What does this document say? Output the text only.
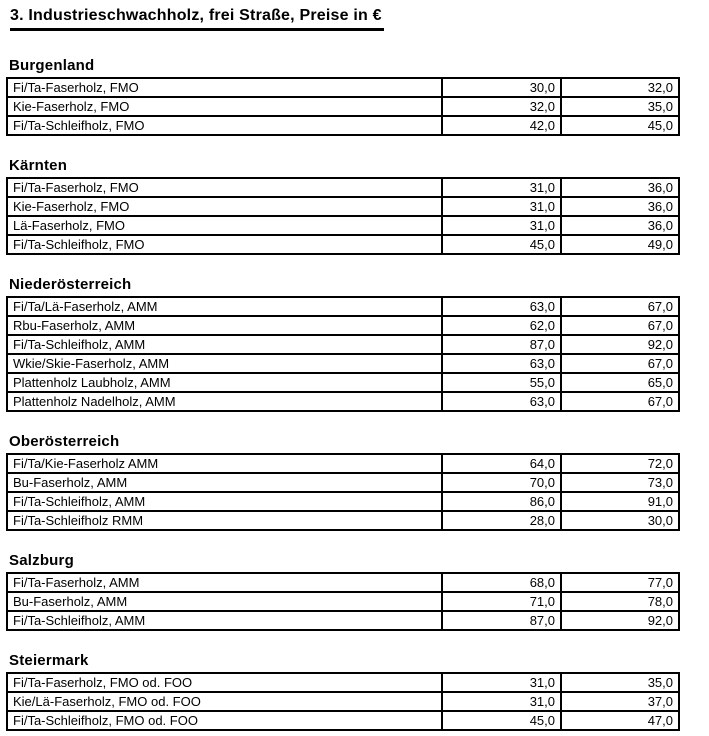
3. Industrieschwachholz, frei Straße, Preise in €
Burgenland
Fi/Ta-Faserholz, FMO	30,0	32,0
Kie-Faserholz, FMO	32,0	35,0
Fi/Ta-Schleifholz, FMO	42,0	45,0
Kärnten
Fi/Ta-Faserholz, FMO	31,0	36,0
Kie-Faserholz, FMO	31,0	36,0
Lä-Faserholz, FMO	31,0	36,0
Fi/Ta-Schleifholz, FMO	45,0	49,0
Niederösterreich
Fi/Ta/Lä-Faserholz, AMM	63,0	67,0
Rbu-Faserholz, AMM	62,0	67,0
Fi/Ta-Schleifholz, AMM	87,0	92,0
Wkie/Skie-Faserholz, AMM	63,0	67,0
Plattenholz Laubholz, AMM	55,0	65,0
Plattenholz Nadelholz, AMM	63,0	67,0
Oberösterreich
Fi/Ta/Kie-Faserholz AMM	64,0	72,0
Bu-Faserholz, AMM	70,0	73,0
Fi/Ta-Schleifholz, AMM	86,0	91,0
Fi/Ta-Schleifholz RMM	28,0	30,0
Salzburg
Fi/Ta-Faserholz, AMM	68,0	77,0
Bu-Faserholz, AMM	71,0	78,0
Fi/Ta-Schleifholz, AMM	87,0	92,0
Steiermark
Fi/Ta-Faserholz, FMO od. FOO	31,0	35,0
Kie/Lä-Faserholz, FMO od. FOO	31,0	37,0
Fi/Ta-Schleifholz, FMO od. FOO	45,0	47,0
